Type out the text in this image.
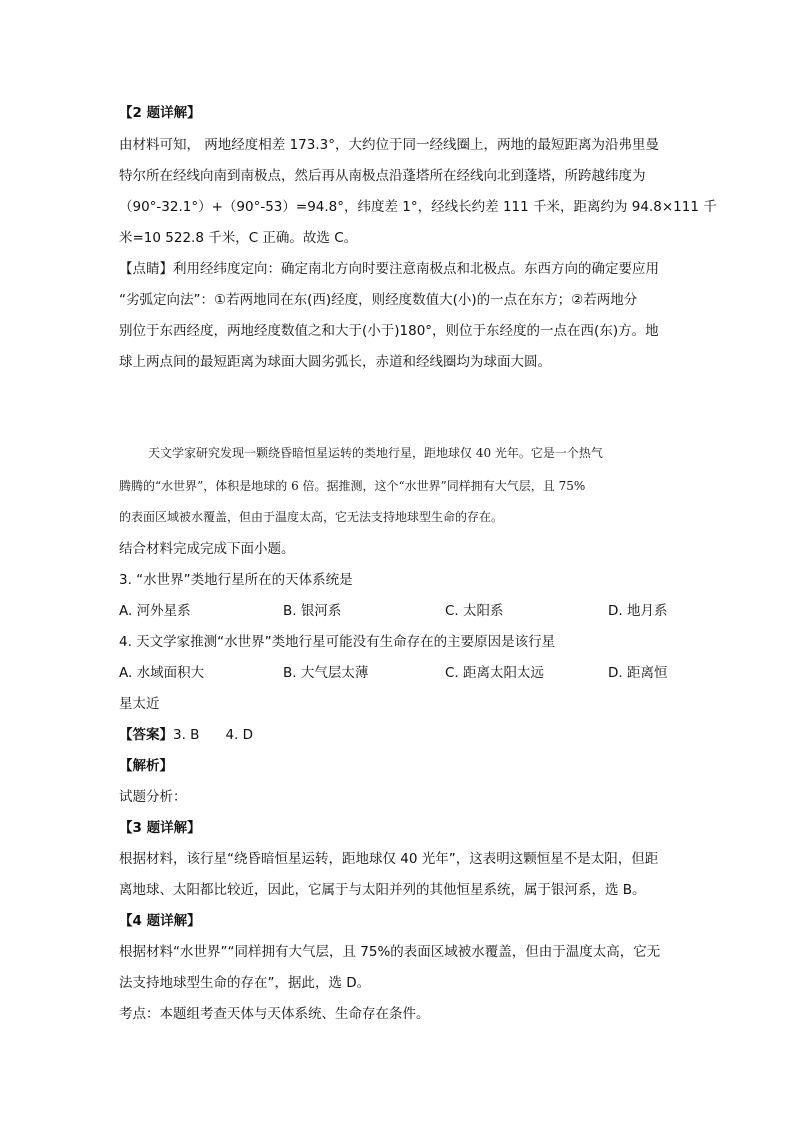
【2 题详解】
由材料可知， 两地经度相差 173.3°，大约位于同一经线圈上，两地的最短距离为沿弗里曼
特尔所在经线向南到南极点，然后再从南极点沿蓬塔所在经线向北到蓬塔，所跨越纬度为
（90°-32.1°）+（90°-53）=94.8°，纬度差 1°，经线长约差 111 千米，距离约为 94.8×111 千
米=10 522.8 千米，C 正确。故选 C。
【点睛】利用经纬度定向：确定南北方向时要注意南极点和北极点。东西方向的确定要应用
“劣弧定向法”：①若两地同在东(西)经度，则经度数值大(小)的一点在东方；②若两地分
别位于东西经度，两地经度数值之和大于(小于)180°，则位于东经度的一点在西(东)方。地
球上两点间的最短距离为球面大圆劣弧长，赤道和经线圈均为球面大圆。
天文学家研究发现一颗绕昏暗恒星运转的类地行星，距地球仅 40 光年。它是一个热气
腾腾的“水世界”，体积是地球的 6 倍。据推测，这个“水世界”同样拥有大气层，且 75%
的表面区域被水覆盖，但由于温度太高，它无法支持地球型生命的存在。
结合材料完成完成下面小题。
3. “水世界”类地行星所在的天体系统是
A. 河外星系	B. 银河系	C. 太阳系	D. 地月系
4. 天文学家推测“水世界”类地行星可能没有生命存在的主要原因是该行星
A. 水域面积大	B. 大气层太薄	C. 距离太阳太远	D. 距离恒
星太近
【答案】3. B 4. D
【解析】
试题分析：
【3 题详解】
根据材料，该行星“绕昏暗恒星运转，距地球仅 40 光年”，这表明这颗恒星不是太阳，但距
离地球、太阳都比较近，因此，它属于与太阳并列的其他恒星系统，属于银河系，选 B。
【4 题详解】
根据材料“水世界”“同样拥有大气层，且 75%的表面区域被水覆盖，但由于温度太高，它无
法支持地球型生命的存在”，据此，选 D。
考点：本题组考查天体与天体系统、生命存在条件。
